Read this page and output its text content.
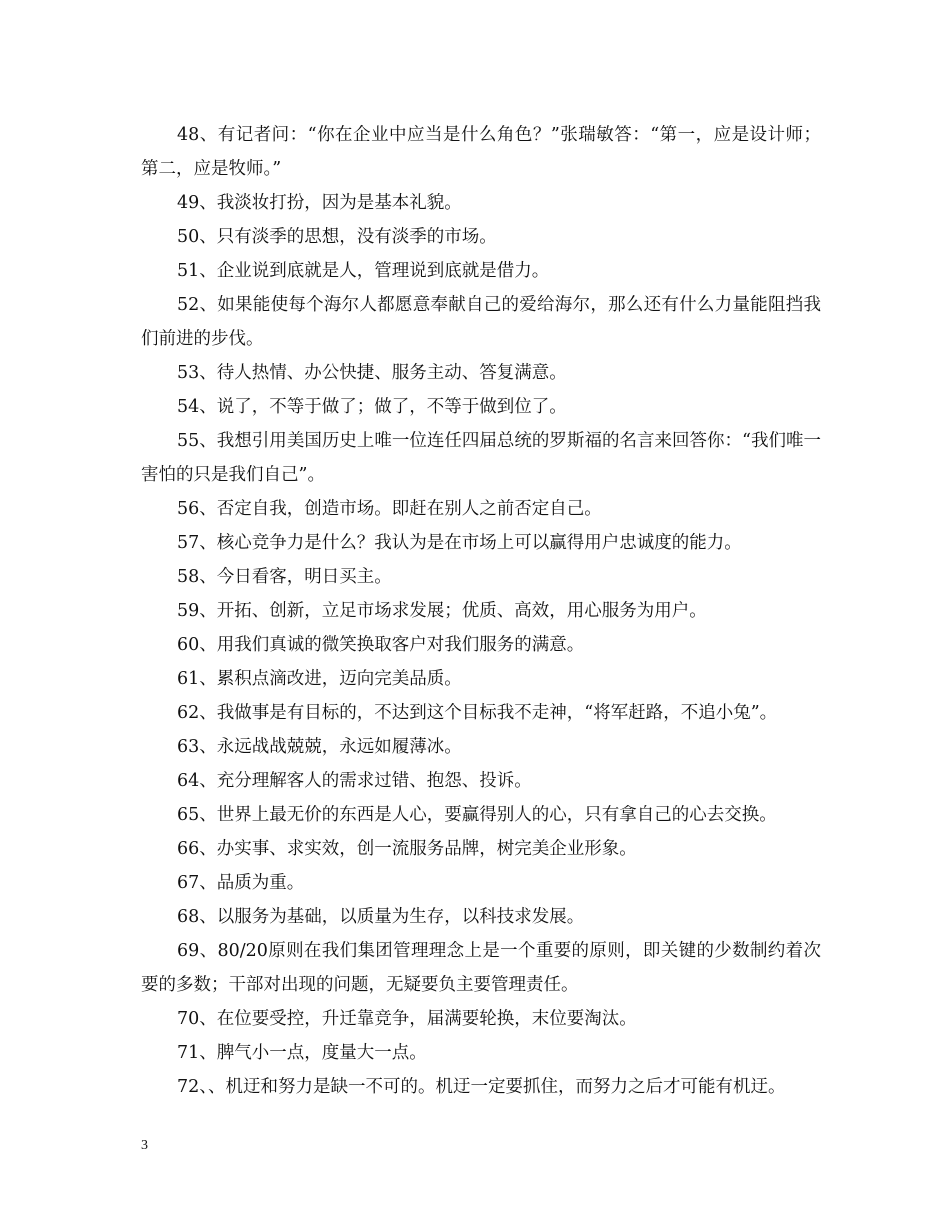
48、有记者问：“你在企业中应当是什么角色？”张瑞敏答：“第一，应是设计师；第二，应是牧师。”

49、我淡妆打扮，因为是基本礼貌。

50、只有淡季的思想，没有淡季的市场。

51、企业说到底就是人，管理说到底就是借力。

52、如果能使每个海尔人都愿意奉献自己的爱给海尔，那么还有什么力量能阻挡我们前进的步伐。

53、待人热情、办公快捷、服务主动、答复满意。

54、说了，不等于做了；做了，不等于做到位了。

55、我想引用美国历史上唯一位连任四届总统的罗斯福的名言来回答你：“我们唯一害怕的只是我们自己”。

56、否定自我，创造市场。即赶在别人之前否定自己。

57、核心竞争力是什么？我认为是在市场上可以赢得用户忠诚度的能力。

58、今日看客，明日买主。

59、开拓、创新，立足市场求发展；优质、高效，用心服务为用户。

60、用我们真诚的微笑换取客户对我们服务的满意。

61、累积点滴改进，迈向完美品质。

62、我做事是有目标的，不达到这个目标我不走神，“将军赶路，不追小兔”。

63、永远战战兢兢，永远如履薄冰。

64、充分理解客人的需求过错、抱怨、投诉。

65、世界上最无价的东西是人心，要赢得别人的心，只有拿自己的心去交换。

66、办实事、求实效，创一流服务品牌，树完美企业形象。

67、品质为重。

68、以服务为基础，以质量为生存，以科技求发展。

69、80/20原则在我们集团管理理念上是一个重要的原则，即关键的少数制约着次要的多数；干部对出现的问题，无疑要负主要管理责任。

70、在位要受控，升迁靠竞争，届满要轮换，末位要淘汰。

71、脾气小一点，度量大一点。

72、、机迂和努力是缺一不可的。机迂一定要抓住，而努力之后才可能有机迂。

3
